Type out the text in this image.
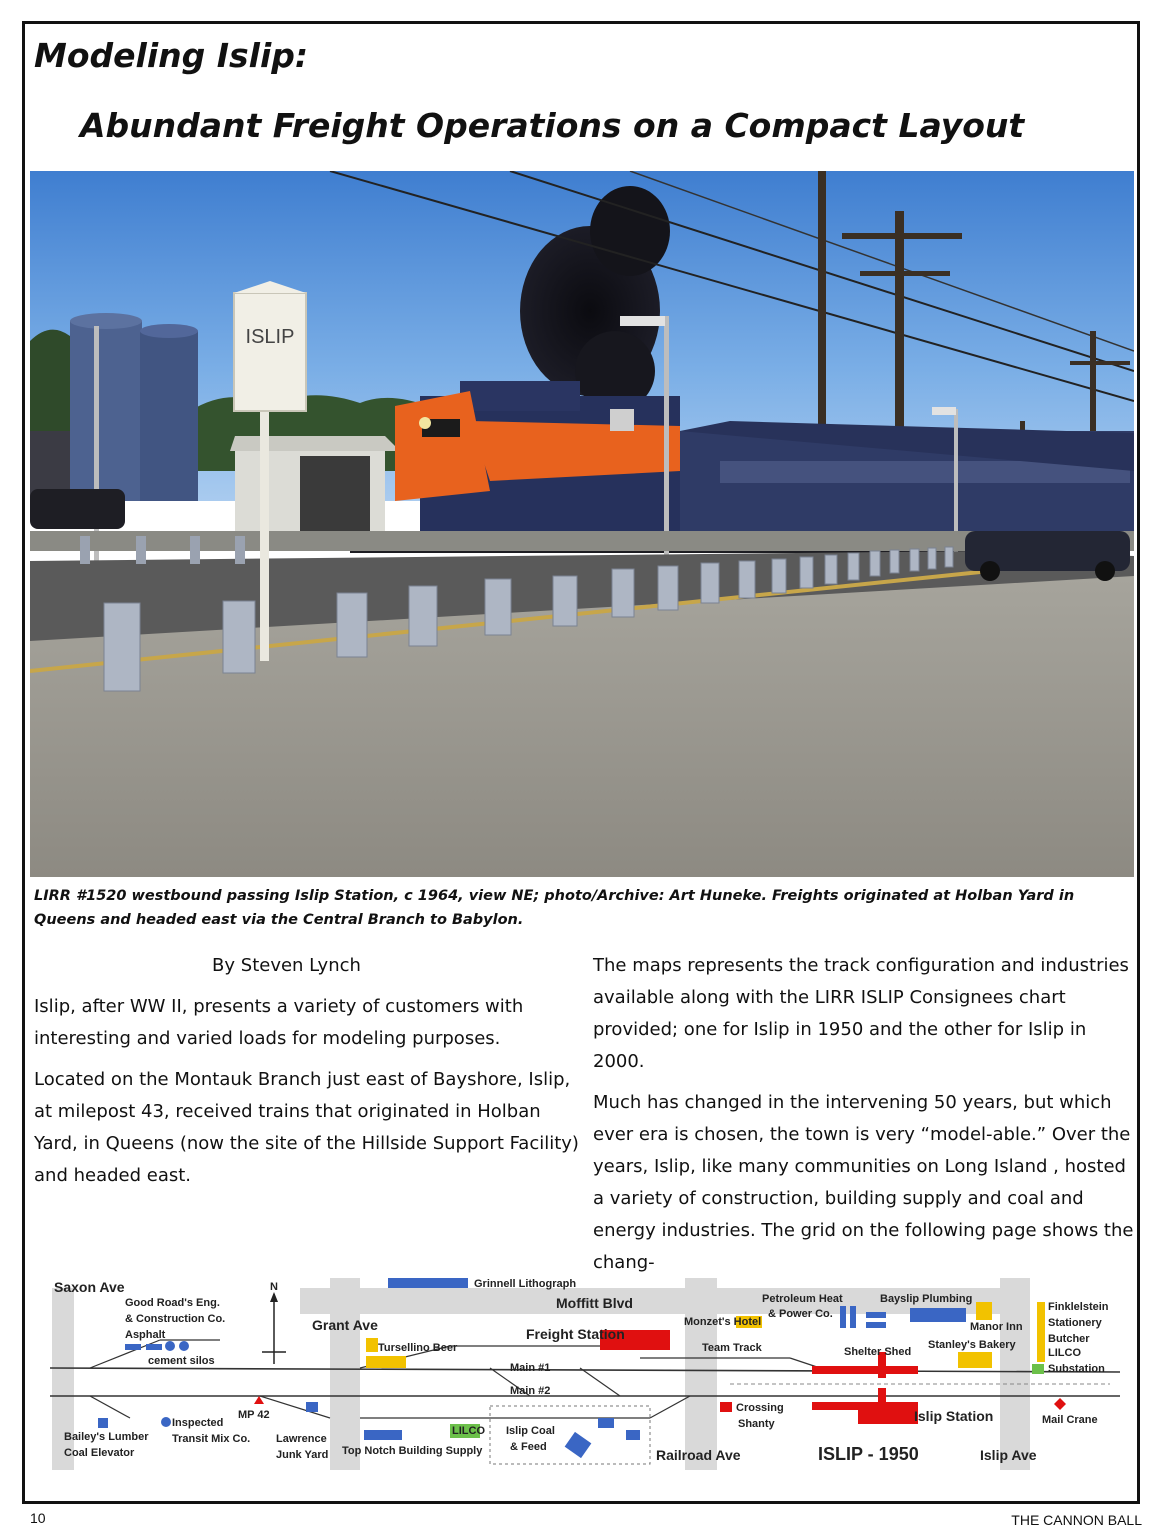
Modeling Islip:
Abundant Freight Operations on a Compact Layout
ISLIP
LIRR #1520 westbound passing Islip Station, c 1964, view NE; photo/Archive: Art Huneke. Freights originated at Holban Yard in Queens and headed east via the Central Branch to Babylon.

By Steven Lynch

Islip, after WW II, presents a variety of customers with interesting and varied loads for modeling purposes.

Located on the Montauk Branch just east of Bayshore, Islip, at milepost 43, received trains that originated in Holban Yard, in Queens (now the site of the Hillside Support Facility) and headed east.

The maps represents the track configuration and industries available along with the LIRR ISLIP Consignees chart provided; one for Islip in 1950 and the other for Islip in 2000.

Much has changed in the intervening 50 years, but which ever era is chosen, the town is very “model-able.” Over the years, Islip, like many communities on Long Island , hosted a variety of construction, building supply and coal and energy industries. The grid on the following page shows the chang-

N
Saxon Ave
Grant Ave
Moffitt Blvd
Railroad Ave	Islip Ave
ISLIP - 1950
Main #1
Main #2
Team Track
Good Road's Eng.
& Construction Co.
Asphalt
cement silos
Grinnell Lithograph
Tursellino Beer
Freight Station
Monzet's Hotel
Petroleum Heat
& Power Co.
Bayslip Plumbing
Manor Inn
Shelter Shed
Stanley's Bakery
Finklelstein
Stationery
Butcher
LILCO
Substation
Bailey's Lumber
Coal Elevator
Inspected
Transit Mix Co.
MP 42
Lawrence
Junk Yard Top Notch Building Supply
LILCO Islip Coal
& Feed
Crossing
Shanty	Islip Station	Mail Crane
10	THE CANNON BALL
